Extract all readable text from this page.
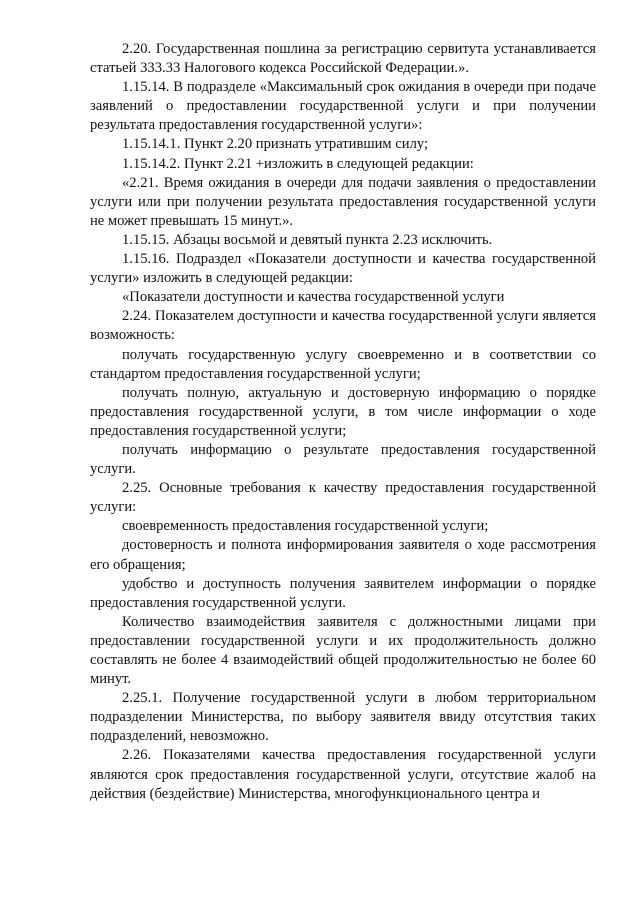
2.20. Государственная пошлина за регистрацию сервитута устанавливается статьей 333.33 Налогового кодекса Российской Федерации.».

1.15.14. В подразделе «Максимальный срок ожидания в очереди при подаче заявлений о предоставлении государственной услуги и при получении результата предоставления государственной услуги»:

1.15.14.1. Пункт 2.20 признать утратившим силу;

1.15.14.2. Пункт 2.21 +изложить в следующей редакции:

«2.21. Время ожидания в очереди для подачи заявления о предоставлении услуги или при получении результата предоставления государственной услуги не может превышать 15 минут.».

1.15.15. Абзацы восьмой и девятый пункта 2.23 исключить.

1.15.16. Подраздел «Показатели доступности и качества государственной услуги» изложить в следующей редакции:

«Показатели доступности и качества государственной услуги

2.24. Показателем доступности и качества государственной услуги является возможность:

получать государственную услугу своевременно и в соответствии со стандартом предоставления государственной услуги;

получать полную, актуальную и достоверную информацию о порядке предоставления государственной услуги, в том числе информации о ходе предоставления государственной услуги;

получать информацию о результате предоставления государственной услуги.

2.25. Основные требования к качеству предоставления государственной услуги:

своевременность предоставления государственной услуги;

достоверность и полнота информирования заявителя о ходе рассмотрения его обращения;

удобство и доступность получения заявителем информации о порядке предоставления государственной услуги.

Количество взаимодействия заявителя с должностными лицами при предоставлении государственной услуги и их продолжительность должно составлять не более 4 взаимодействий общей продолжительностью не более 60 минут.

2.25.1. Получение государственной услуги в любом территориальном подразделении Министерства, по выбору заявителя ввиду отсутствия таких подразделений, невозможно.

2.26. Показателями качества предоставления государственной услуги являются срок предоставления государственной услуги, отсутствие жалоб на действия (бездействие) Министерства, многофункционального центра и
